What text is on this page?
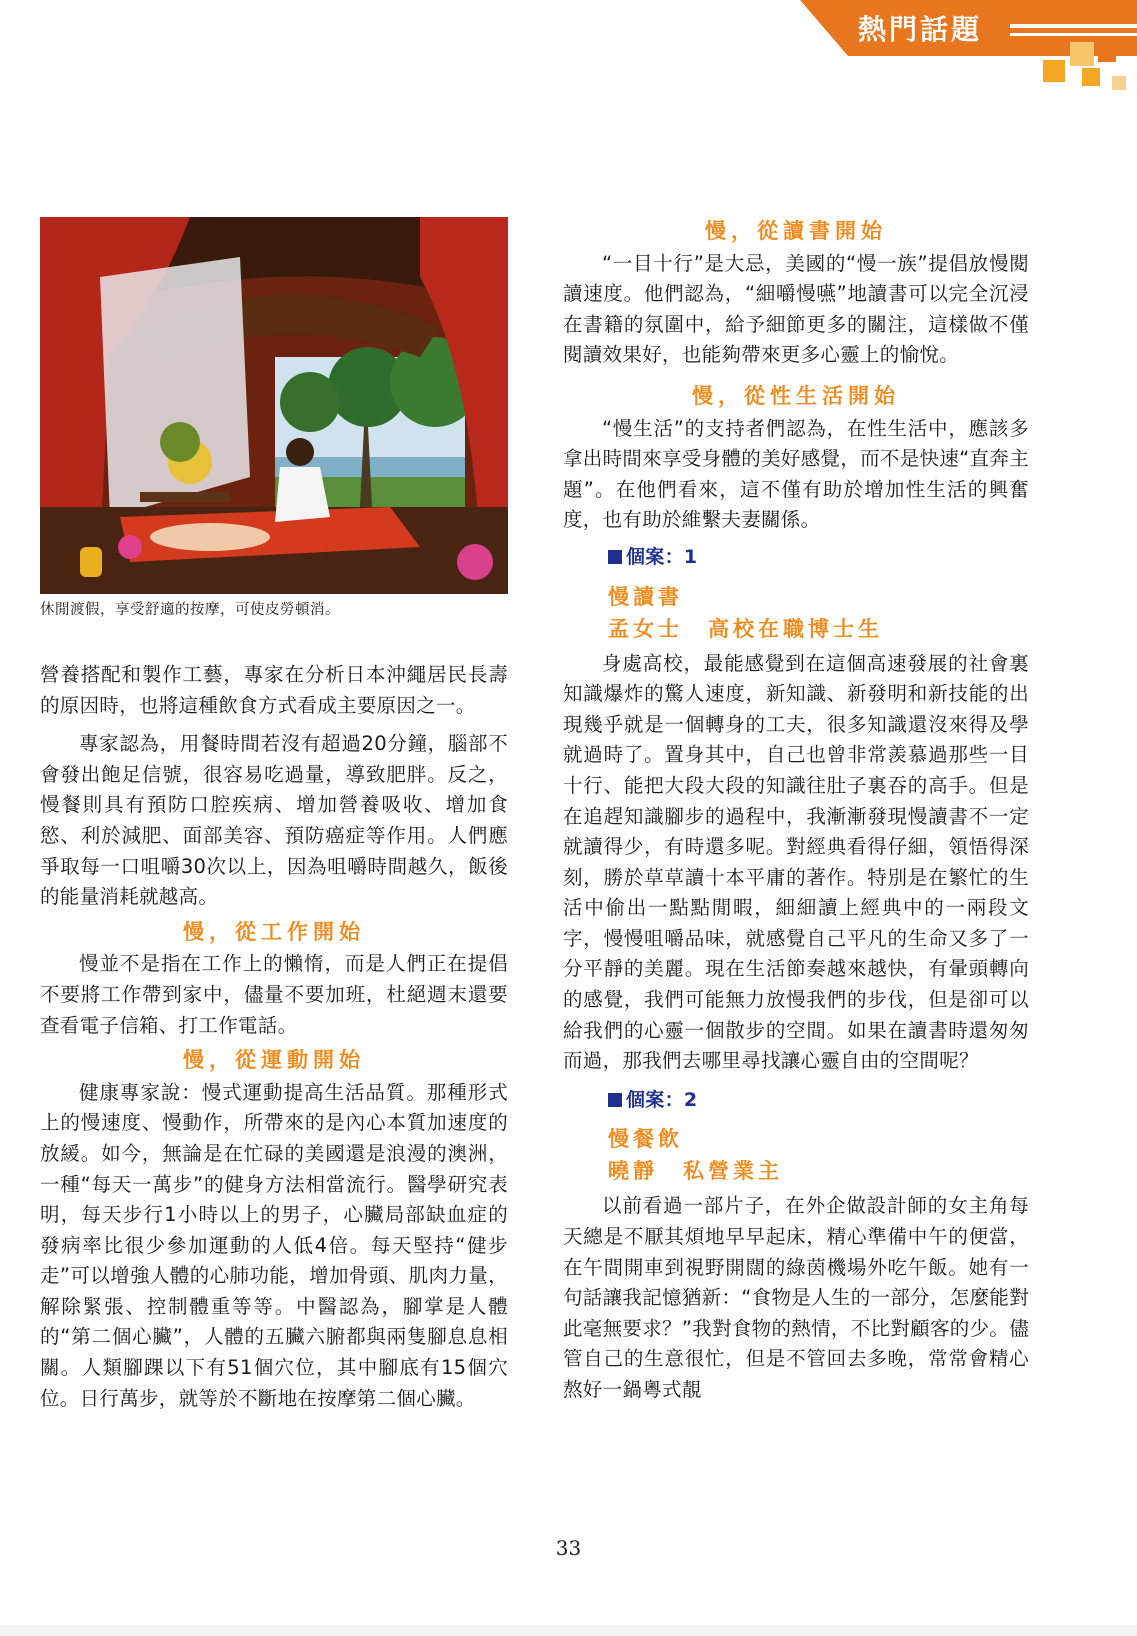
熱門話題
休閒渡假，享受舒適的按摩，可使皮勞頓消。

營養搭配和製作工藝，專家在分析日本沖繩居民長壽的原因時，也將這種飲食方式看成主要原因之一。

專家認為，用餐時間若沒有超過20分鐘，腦部不會發出飽足信號，很容易吃過量，導致肥胖。反之，慢餐則具有預防口腔疾病、增加營養吸收、增加食慾、利於減肥、面部美容、預防癌症等作用。人們應爭取每一口咀嚼30次以上，因為咀嚼時間越久，飯後的能量消耗就越高。

慢，從工作開始

慢並不是指在工作上的懶惰，而是人們正在提倡不要將工作帶到家中，儘量不要加班，杜絕週末還要查看電子信箱、打工作電話。

慢，從運動開始

健康專家說：慢式運動提高生活品質。那種形式上的慢速度、慢動作，所帶來的是內心本質加速度的放緩。如今，無論是在忙碌的美國還是浪漫的澳洲，一種“每天一萬步”的健身方法相當流行。醫學研究表明，每天步行1小時以上的男子，心臟局部缺血症的發病率比很少參加運動的人低4倍。每天堅持“健步走”可以增強人體的心肺功能，增加骨頭、肌肉力量，解除緊張、控制體重等等。中醫認為，腳掌是人體的“第二個心臟”，人體的五臟六腑都與兩隻腳息息相關。人類腳踝以下有51個穴位，其中腳底有15個穴位。日行萬步，就等於不斷地在按摩第二個心臟。

慢，從讀書開始

“一目十行”是大忌，美國的“慢一族”提倡放慢閱讀速度。他們認為，“細嚼慢嚥”地讀書可以完全沉浸在書籍的氛圍中，給予細節更多的關注，這樣做不僅閱讀效果好，也能夠帶來更多心靈上的愉悅。

慢，從性生活開始

“慢生活”的支持者們認為，在性生活中，應該多拿出時間來享受身體的美好感覺，而不是快速“直奔主題”。在他們看來，這不僅有助於增加性生活的興奮度，也有助於維繫夫妻關係。

個案：1
慢讀書
孟女士　高校在職博士生

身處高校，最能感覺到在這個高速發展的社會裏知識爆炸的驚人速度，新知識、新發明和新技能的出現幾乎就是一個轉身的工夫，很多知識還沒來得及學就過時了。置身其中，自己也曾非常羨慕過那些一目十行、能把大段大段的知識往肚子裏吞的高手。但是在追趕知識腳步的過程中，我漸漸發現慢讀書不一定就讀得少，有時還多呢。對經典看得仔細，領悟得深刻，勝於草草讀十本平庸的著作。特別是在繁忙的生活中偷出一點點閒暇，細細讀上經典中的一兩段文字，慢慢咀嚼品味，就感覺自己平凡的生命又多了一分平靜的美麗。現在生活節奏越來越快，有暈頭轉向的感覺，我們可能無力放慢我們的步伐，但是卻可以給我們的心靈一個散步的空間。如果在讀書時還匆匆而過，那我們去哪里尋找讓心靈自由的空間呢？

個案：2
慢餐飲
曉靜　私營業主

以前看過一部片子，在外企做設計師的女主角每天總是不厭其煩地早早起床，精心準備中午的便當，在午間開車到視野開闊的綠茵機場外吃午飯。她有一句話讓我記憶猶新：“食物是人生的一部分，怎麼能對此毫無要求？”我對食物的熱情，不比對顧客的少。儘管自己的生意很忙，但是不管回去多晚，常常會精心熬好一鍋粵式靚

33
